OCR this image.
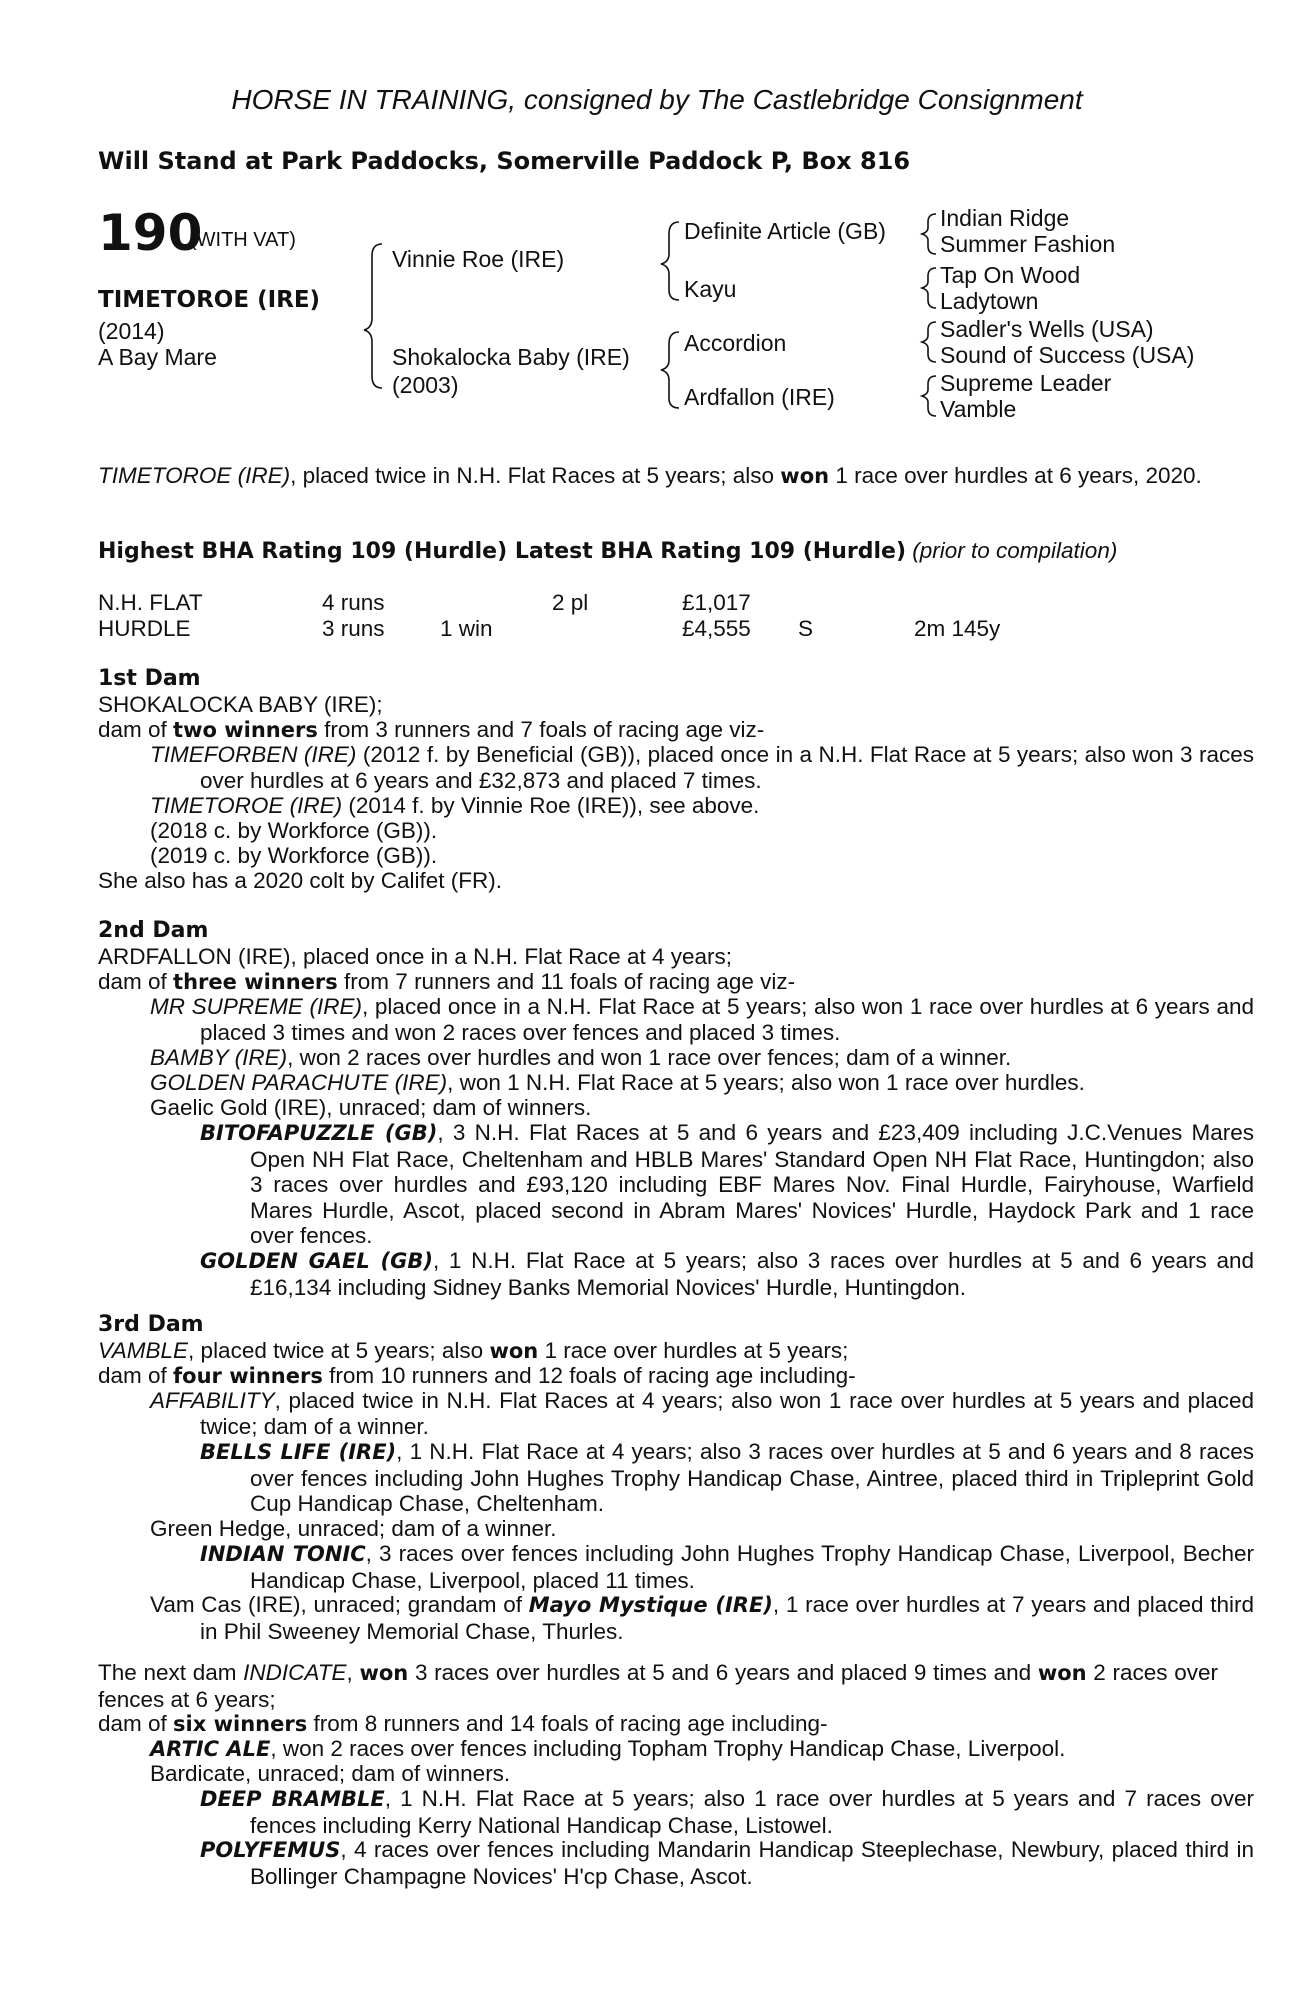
HORSE IN TRAINING, consigned by The Castlebridge Consignment
Will Stand at Park Paddocks, Somerville Paddock P, Box 816
190
(WITH VAT)
TIMETOROE (IRE)
(2014)
A Bay Mare
Vinnie Roe (IRE)
Shokalocka Baby (IRE)
(2003)
Definite Article (GB)
Kayu
Accordion
Ardfallon (IRE)
Indian Ridge
Summer Fashion
Tap On Wood
Ladytown
Sadler's Wells (USA)
Sound of Success (USA)
Supreme Leader
Vamble
TIMETOROE (IRE), placed twice in N.H. Flat Races at 5 years; also won 1 race over hurdles at 6 years, 2020.
Highest BHA Rating 109 (Hurdle) Latest BHA Rating 109 (Hurdle) (prior to compilation)
N.H. FLAT	4 runs	2 pl	£1,017
HURDLE	3 runs 1 win	£4,555 S	2m 145y
1st Dam
SHOKALOCKA BABY (IRE);
dam of two winners from 3 runners and 7 foals of racing age viz-
TIMEFORBEN (IRE) (2012 f. by Beneficial (GB)), placed once in a N.H. Flat Race at 5 years; also won 3 races over hurdles at 6 years and £32,873 and placed 7 times.
TIMETOROE (IRE) (2014 f. by Vinnie Roe (IRE)), see above.
(2018 c. by Workforce (GB)).
(2019 c. by Workforce (GB)).
She also has a 2020 colt by Califet (FR).
2nd Dam
ARDFALLON (IRE), placed once in a N.H. Flat Race at 4 years;
dam of three winners from 7 runners and 11 foals of racing age viz-
MR SUPREME (IRE), placed once in a N.H. Flat Race at 5 years; also won 1 race over hurdles at 6 years and placed 3 times and won 2 races over fences and placed 3 times.
BAMBY (IRE), won 2 races over hurdles and won 1 race over fences; dam of a winner.
GOLDEN PARACHUTE (IRE), won 1 N.H. Flat Race at 5 years; also won 1 race over hurdles.
Gaelic Gold (IRE), unraced; dam of winners.
BITOFAPUZZLE (GB), 3 N.H. Flat Races at 5 and 6 years and £23,409 including J.C.Venues Mares Open NH Flat Race, Cheltenham and HBLB Mares' Standard Open NH Flat Race, Huntingdon; also 3 races over hurdles and £93,120 including EBF Mares Nov. Final Hurdle, Fairyhouse, Warfield Mares Hurdle, Ascot, placed second in Abram Mares' Novices' Hurdle, Haydock Park and 1 race over fences.
GOLDEN GAEL (GB), 1 N.H. Flat Race at 5 years; also 3 races over hurdles at 5 and 6 years and £16,134 including Sidney Banks Memorial Novices' Hurdle, Huntingdon.
3rd Dam
VAMBLE, placed twice at 5 years; also won 1 race over hurdles at 5 years;
dam of four winners from 10 runners and 12 foals of racing age including-
AFFABILITY, placed twice in N.H. Flat Races at 4 years; also won 1 race over hurdles at 5 years and placed twice; dam of a winner.
BELLS LIFE (IRE), 1 N.H. Flat Race at 4 years; also 3 races over hurdles at 5 and 6 years and 8 races over fences including John Hughes Trophy Handicap Chase, Aintree, placed third in Tripleprint Gold Cup Handicap Chase, Cheltenham.
Green Hedge, unraced; dam of a winner.
INDIAN TONIC, 3 races over fences including John Hughes Trophy Handicap Chase, Liverpool, Becher Handicap Chase, Liverpool, placed 11 times.
Vam Cas (IRE), unraced; grandam of Mayo Mystique (IRE), 1 race over hurdles at 7 years and placed third in Phil Sweeney Memorial Chase, Thurles.
The next dam INDICATE, won 3 races over hurdles at 5 and 6 years and placed 9 times and won 2 races over fences at 6 years;
dam of six winners from 8 runners and 14 foals of racing age including-
ARTIC ALE, won 2 races over fences including Topham Trophy Handicap Chase, Liverpool.
Bardicate, unraced; dam of winners.
DEEP BRAMBLE, 1 N.H. Flat Race at 5 years; also 1 race over hurdles at 5 years and 7 races over fences including Kerry National Handicap Chase, Listowel.
POLYFEMUS, 4 races over fences including Mandarin Handicap Steeplechase, Newbury, placed third in Bollinger Champagne Novices' H'cp Chase, Ascot.
